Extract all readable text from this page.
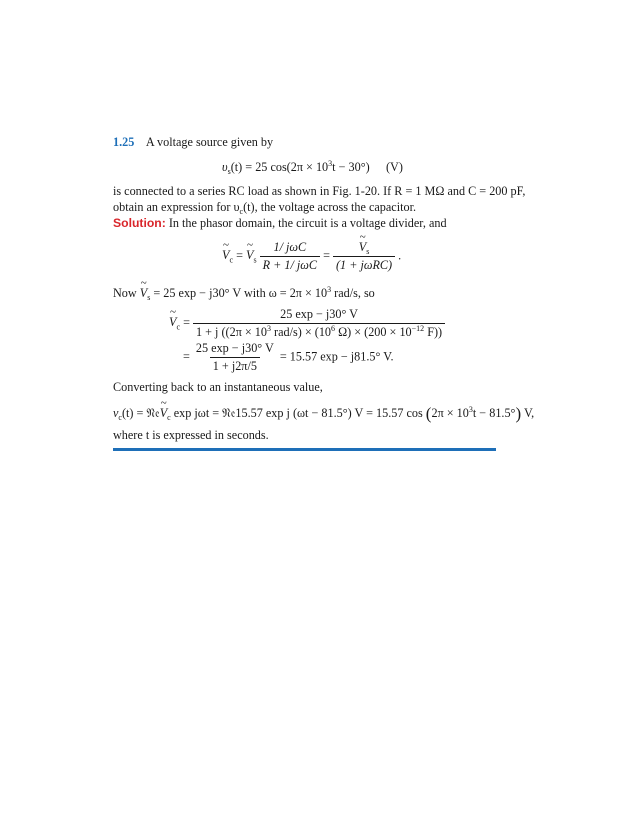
1.25 A voltage source given by
$\upsilon_s(t) = 25$ $\cos(2\pi \times 10^3t - 30^\circ)$ (V)
is connected to a series RC load as shown in Fig. 1-20. If R = 1 MΩ and C = 200 pF,
obtain an expression for $\upsilon_c(t)$, the voltage across the capacitor.
Solution: In the phasor domain, the circuit is a voltage divider, and
~ $V_c$ = ~ $V_s \frac{\text{1/ jωC}}{\text{R + 1/ jωC}}$ = ~ $\frac{V_s}{\text{(1 + jωRC)}}$ .
Now ~ $V_s = 25$ exp − j30° V with $\omega = 2\pi \times 10^3$ rad/s, so
~ $V_c = \frac{25 \exp - j30^\circ V}{1 + j ((2\pi \times 10^3 rad/s) \times (10^6 \Omega) \times (200 \times 10^{-12} F))}$
= $\frac{25 \exp - j30^\circ V}{1 + j2\pi/5} = 15.57$ exp − j81.5° V.
Converting back to an instantaneous value,
$v_c(t)$ = 𝔑𝔢~ $V_c$ exp jωt = 𝔑𝔢15.57 exp j (ωt − 81.5°) V = 15.57 $\cos (2\pi \times 10^3t - 81.5^\circ)$ V,
where t is expressed in seconds.
